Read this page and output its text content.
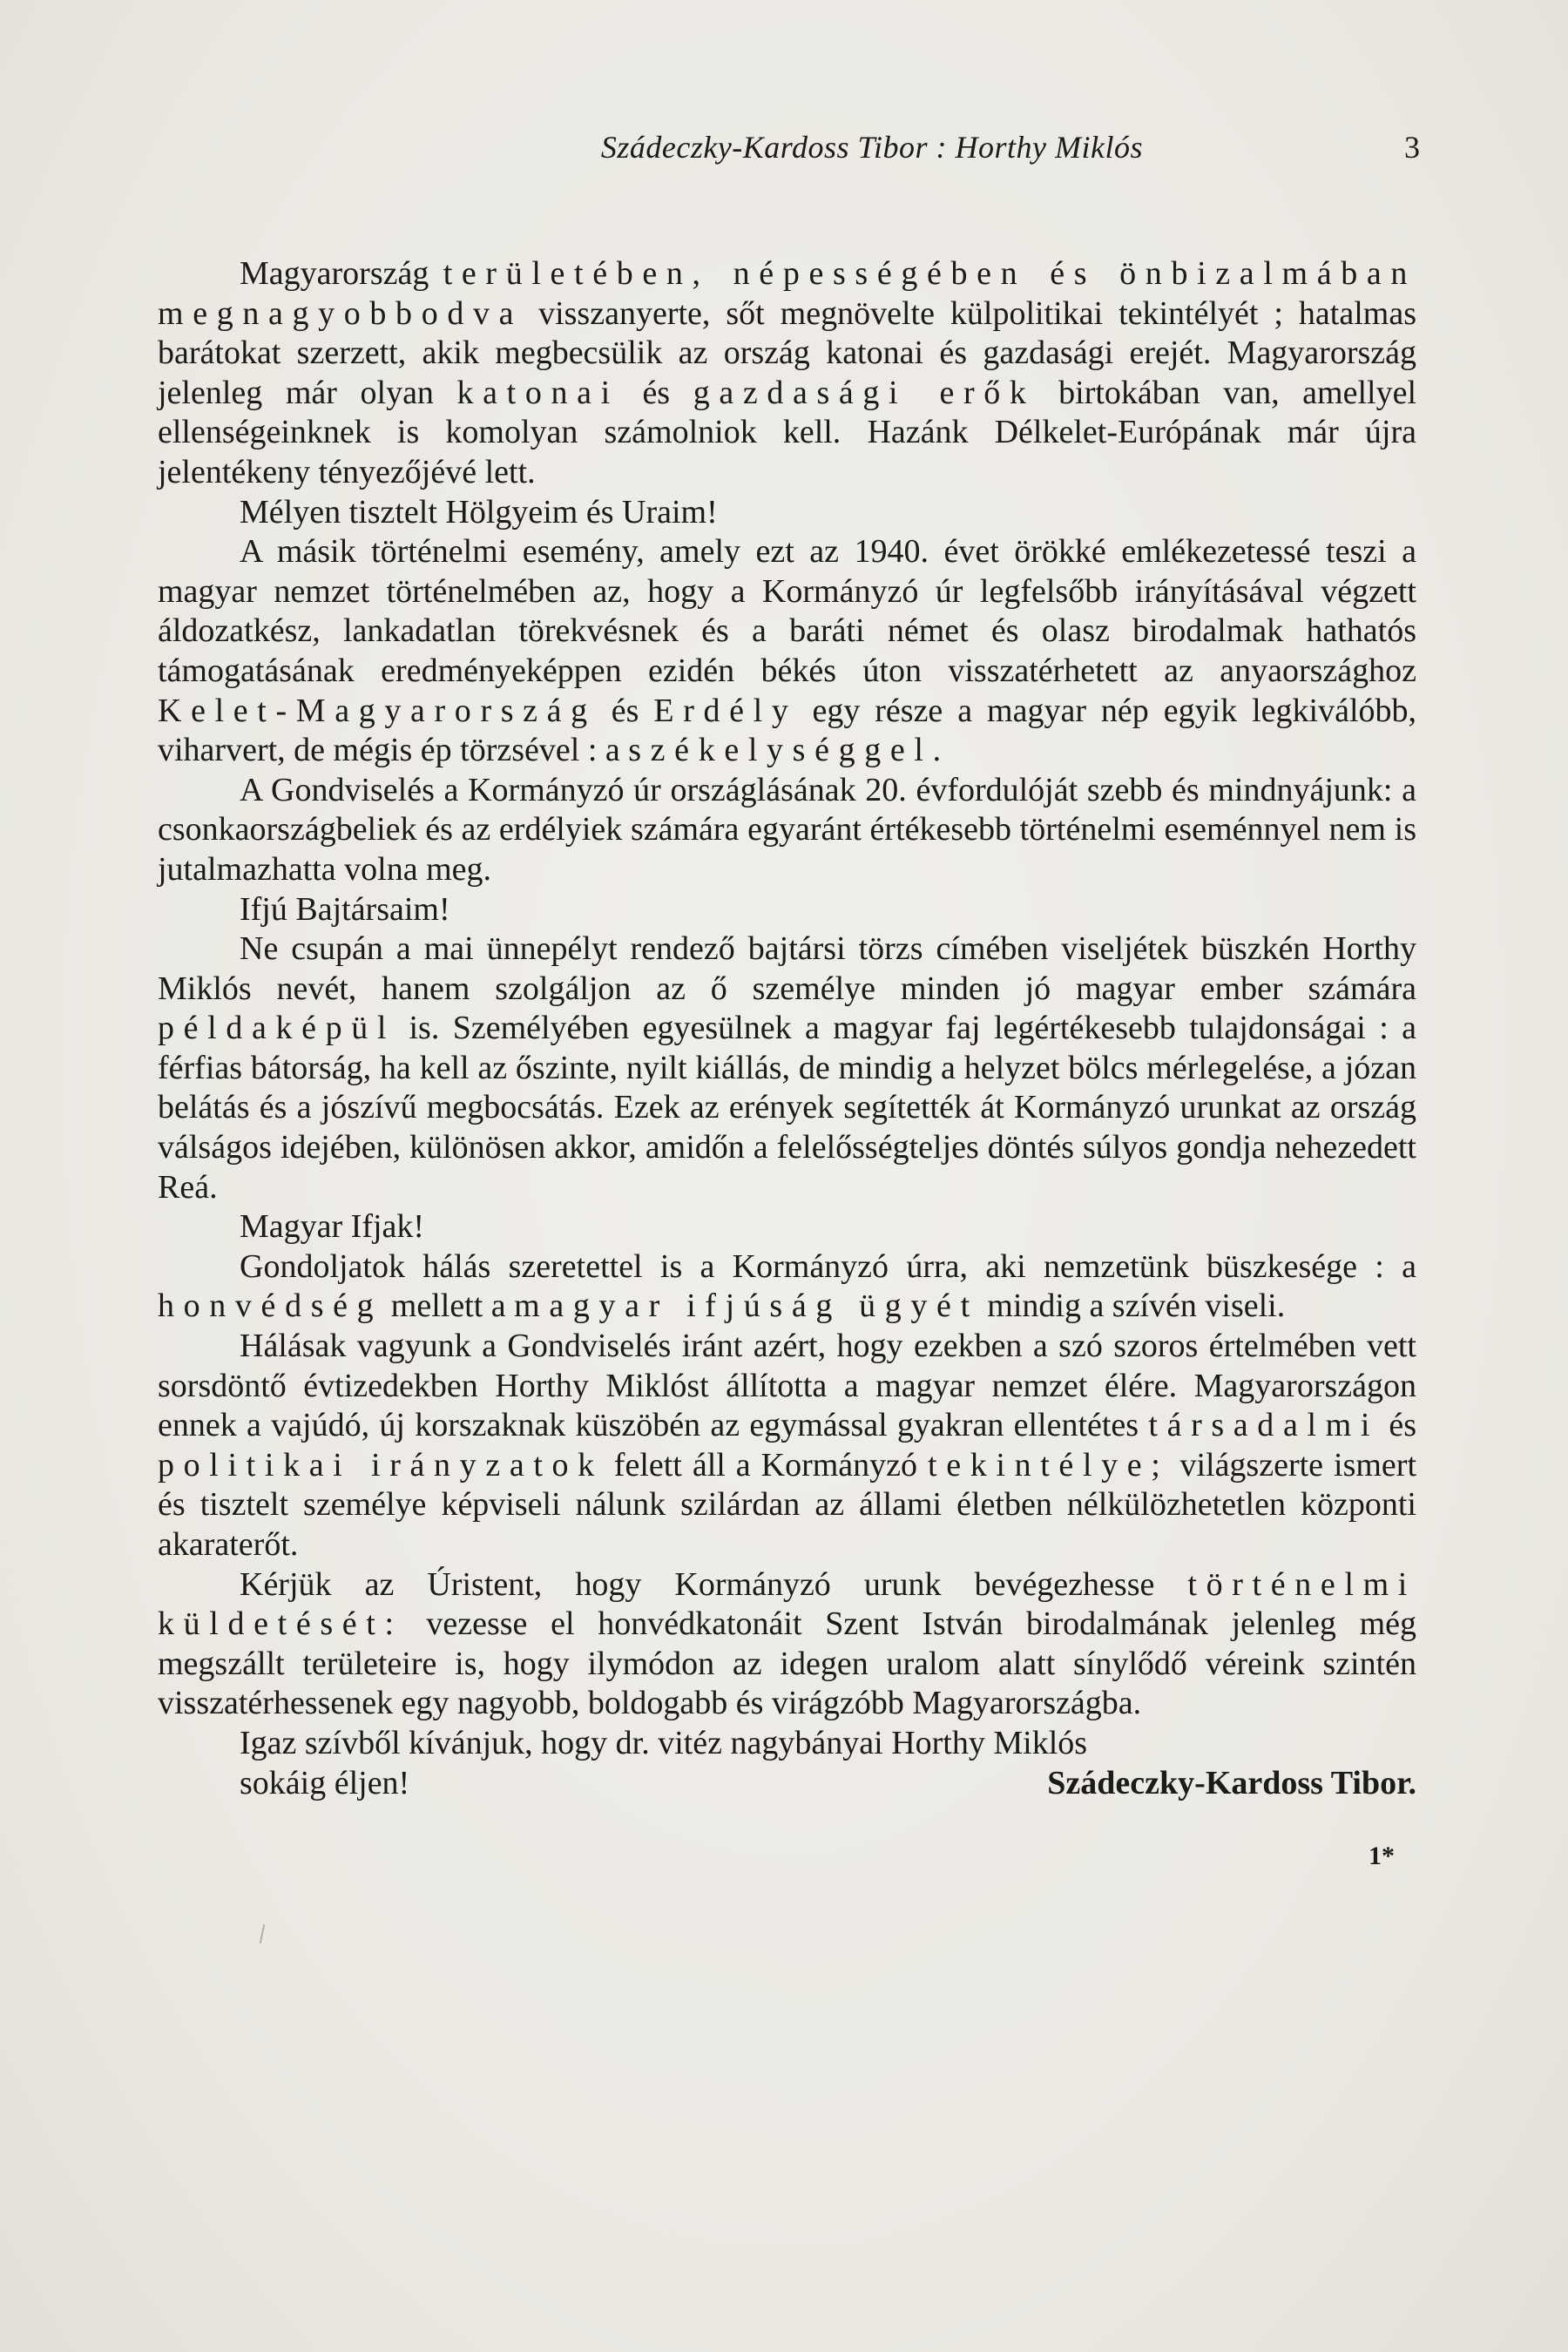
Szádeczky-Kardoss Tibor : Horthy Miklós	3

Magyarország területében, népességében és önbizalmában megnagyobbodva visszanyerte, sőt megnövelte külpolitikai tekintélyét ; hatalmas barátokat szerzett, akik megbecsülik az ország katonai és gazdasági erejét. Magyarország jelenleg már olyan katonai és gazdasági erők birtokában van, amellyel ellenségeinknek is komolyan számolniok kell. Hazánk Délkelet-Európának már újra jelentékeny tényezőjévé lett.

Mélyen tisztelt Hölgyeim és Uraim!

A másik történelmi esemény, amely ezt az 1940. évet örökké emlékezetessé teszi a magyar nemzet történelmében az, hogy a Kormányzó úr legfelsőbb irányításával végzett áldozatkész, lankadatlan törekvésnek és a baráti német és olasz birodalmak hathatós támogatásának eredményeképpen ezidén békés úton visszatérhetett az anyaországhoz Kelet-Magyarország és Erdély egy része a magyar nép egyik legkiválóbb, viharvert, de mégis ép törzsével : a székelységgel.

A Gondviselés a Kormányzó úr országlásának 20. évfordulóját szebb és mindnyájunk: a csonkaországbeliek és az erdélyiek számára egyaránt értékesebb történelmi eseménnyel nem is jutalmazhatta volna meg.

Ifjú Bajtársaim!

Ne csupán a mai ünnepélyt rendező bajtársi törzs címében viseljétek büszkén Horthy Miklós nevét, hanem szolgáljon az ő személye minden jó magyar ember számára példaképül is. Személyében egyesülnek a magyar faj legértékesebb tulajdonságai : a férfias bátorság, ha kell az őszinte, nyilt kiállás, de mindig a helyzet bölcs mérlegelése, a józan belátás és a jószívű megbocsátás. Ezek az erények segítették át Kormányzó urunkat az ország válságos idejében, különösen akkor, amidőn a felelősségteljes döntés súlyos gondja nehezedett Reá.

Magyar Ifjak!

Gondoljatok hálás szeretettel is a Kormányzó úrra, aki nemzetünk büszkesége : a honvédség mellett a magyar ifjúság ügyét mindig a szívén viseli.

Hálásak vagyunk a Gondviselés iránt azért, hogy ezekben a szó szoros értelmében vett sorsdöntő évtizedekben Horthy Miklóst állította a magyar nemzet élére. Magyarországon ennek a vajúdó, új korszaknak küszöbén az egymással gyakran ellentétes társadalmi és politikai irányzatok felett áll a Kormányzó tekintélye; világszerte ismert és tisztelt személye képviseli nálunk szilárdan az állami életben nélkülözhetetlen központi akaraterőt.

Kérjük az Úristent, hogy Kormányzó urunk bevégezhesse történelmi küldetését: vezesse el honvédkatonáit Szent István birodalmának jelenleg még megszállt területeire is, hogy ilymódon az idegen uralom alatt sínylődő véreink szintén visszatérhessenek egy nagyobb, boldogabb és virágzóbb Magyarországba.

Igaz szívből kívánjuk, hogy dr. vitéz nagybányai Horthy Miklós

sokáig éljen!	Szádeczky-Kardoss Tibor.

1*
